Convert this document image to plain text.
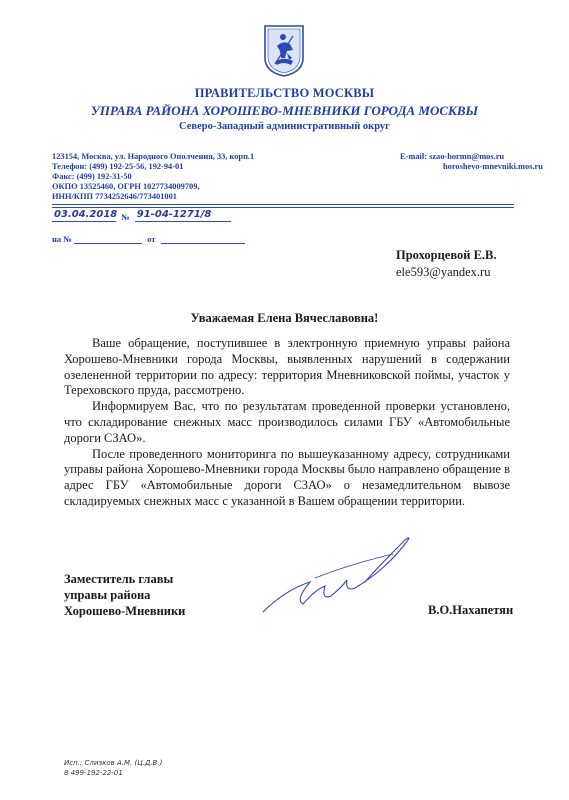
ПРАВИТЕЛЬСТВО МОСКВЫ
УПРАВА РАЙОНА ХОРОШЕВО-МНЕВНИКИ ГОРОДА МОСКВЫ
Северо-Западный административный округ
123154, Москва, ул. Народного Ополчения, 33, корп.1
Телефон: (499) 192-25-56, 192-94-01
Факс: (499) 192-31-50
ОКПО 13525460, ОГРН 1027734009709,
ИНН/КПП 7734252646/773401001
E-mail: szao-hormn@mos.ru
horoshevo-mnevniki.mos.ru
03.04.2018 № 91-04-1271/8
на №	от
Прохорцевой Е.В.
ele593@yandex.ru
Уважаемая Елена Вячеславовна!

Ваше обращение, поступившее в электронную приемную управы района Хорошево-Мневники города Москвы, выявленных нарушений в содержании озелененной территории по адресу: территория Мневниковской поймы, участок у Тереховского пруда, рассмотрено.

Информируем Вас, что по результатам проведенной проверки установлено, что складирование снежных масс производилось силами ГБУ «Автомобильные дороги СЗАО».

После проведенного мониторинга по вышеуказанному адресу, сотрудниками управы района Хорошево-Мневники города Москвы было направлено обращение в адрес ГБУ «Автомобильные дороги СЗАО» о незамедлительном вывозе складируемых снежных масс с указанной в Вашем обращении территории.

Заместитель главы
управы района
Хорошево-Мневники	В.О.Нахапетян
Исп.: Слизков А.М. (Ц.Д.В.)
8 499-192-22-01
